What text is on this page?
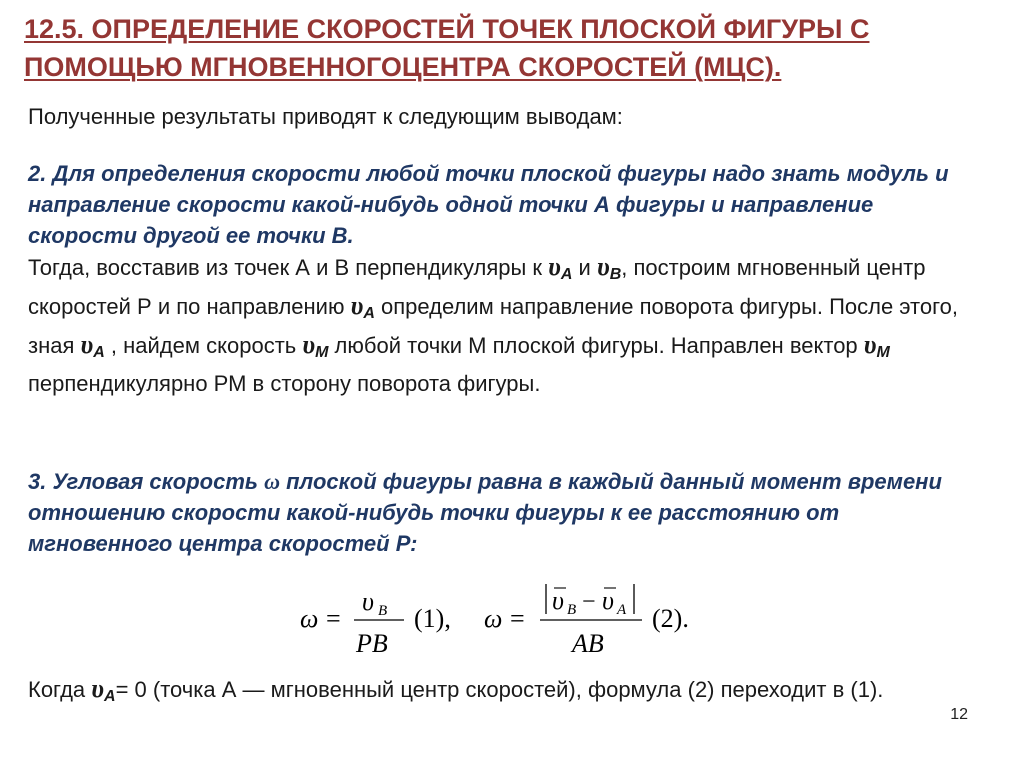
12.5. ОПРЕДЕЛЕНИЕ СКОРОСТЕЙ ТОЧЕК ПЛОСКОЙ ФИГУРЫ С ПОМОЩЬЮ МГНОВЕННОГОЦЕНТРА СКОРОСТЕЙ (МЦС).

Полученные результаты приводят к следующим выводам:

2. Для определения скорости любой точки плоской фигуры надо знать модуль и направление скорости какой-нибудь одной точки А фигуры и направление скорости другой ее точки В.
Тогда, восставив из точек А и В перпендикуляры к $\upsilon_A$ и $\upsilon_B$, построим мгновенный центр скоростей Р и по направлению $\upsilon_A$ определим направление поворота фигуры. После этого, зная $\upsilon_A$ , найдем скорость $\upsilon_M$ любой точки М плоской фигуры. Направлен вектор $\upsilon_M$
перпендикулярно РМ в сторону поворота фигуры.

3. Угловая скорость ω плоской фигуры равна в каждый данный момент времени отношению скорости какой-нибудь точки фигуры к ее расстоянию от мгновенного центра скоростей Р:

ω =
υ B
PB
(1), ω =
υ B − υ A
AB
(2).

Когда $\upsilon_A= 0$ (точка А — мгновенный центр скоростей), формула (2) переходит в (1).

12
